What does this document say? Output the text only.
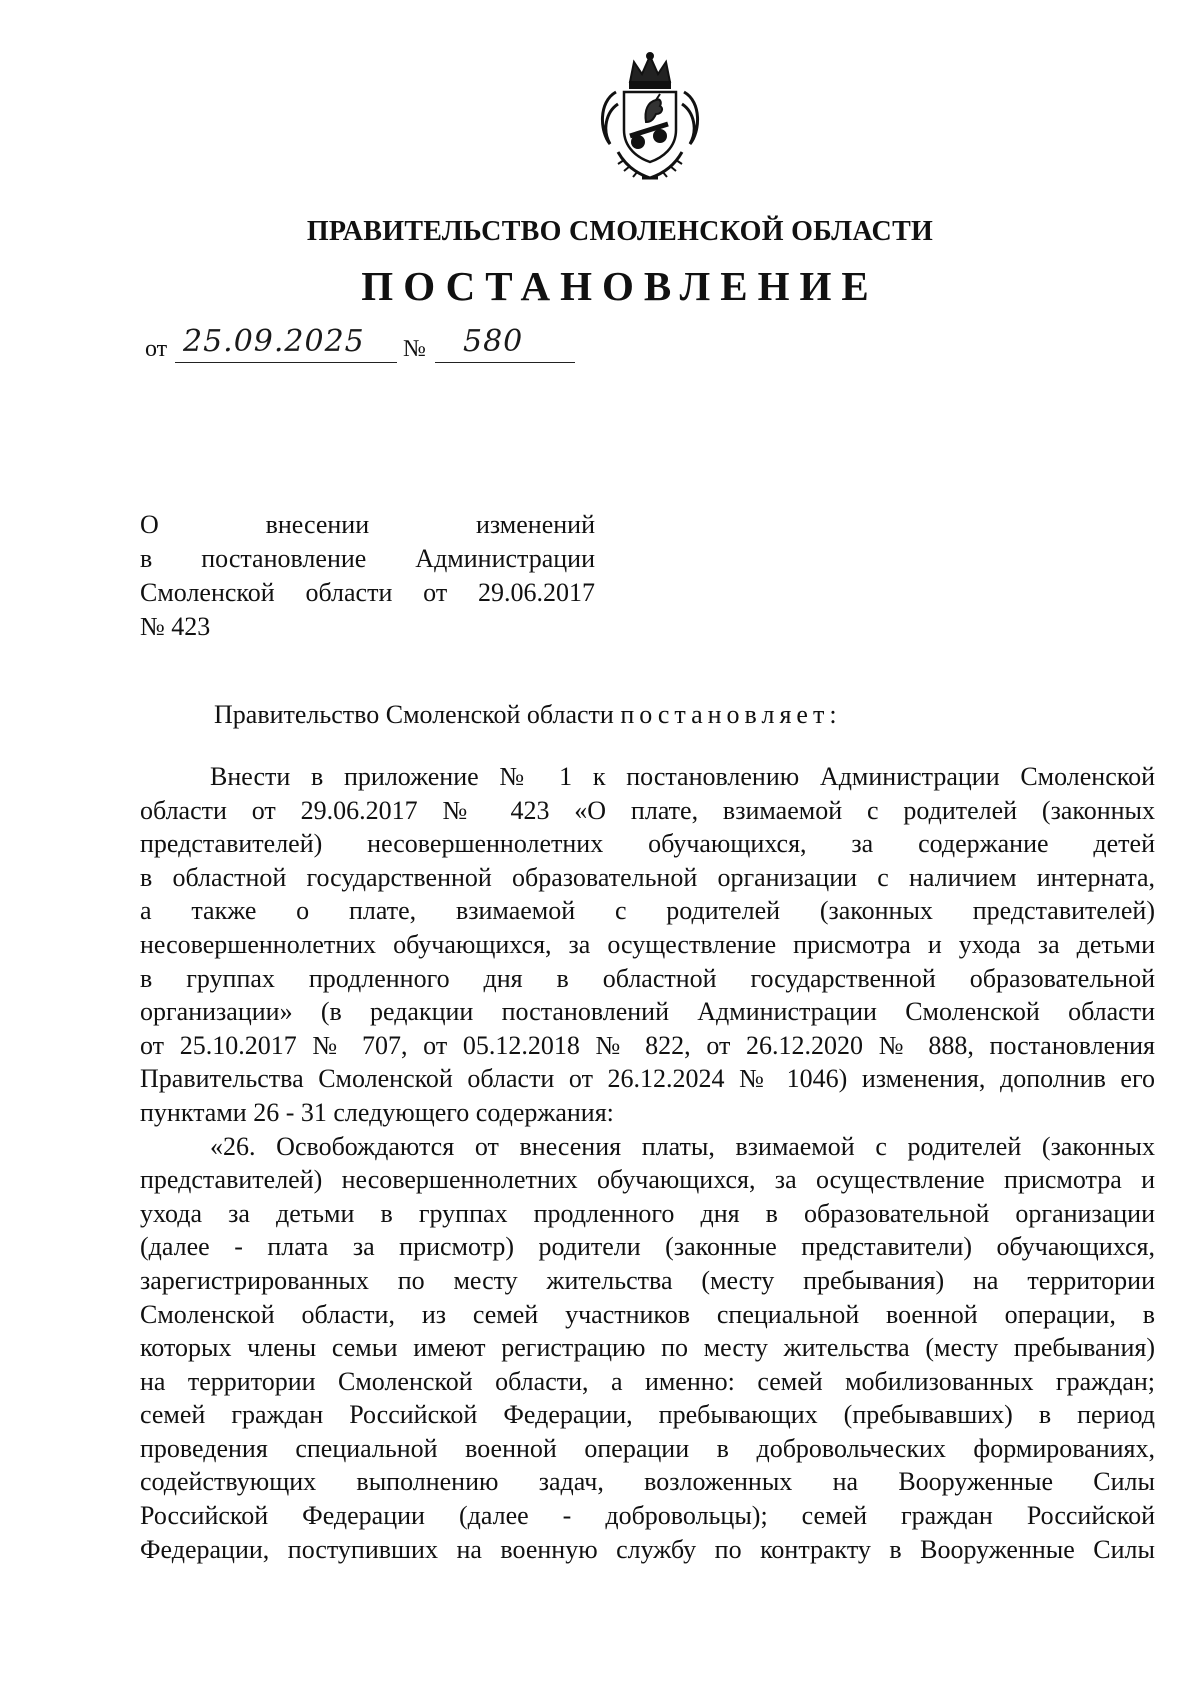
ПРАВИТЕЛЬСТВО СМОЛЕНСКОЙ ОБЛАСТИ
ПОСТАНОВЛЕНИЕ
от 25.09.2025 № 580
О внесении изменений
в постановление Администрации
Смоленской области от 29.06.2017
№ 423
Правительство Смоленской области постановляет:
Внести в приложение № 1 к постановлению Администрации Смоленской
области от 29.06.2017 № 423 «О плате, взимаемой с родителей (законных
представителей) несовершеннолетних обучающихся, за содержание детей
в областной государственной образовательной организации с наличием интерната,
а также о плате, взимаемой с родителей (законных представителей)
несовершеннолетних обучающихся, за осуществление присмотра и ухода за детьми
в группах продленного дня в областной государственной образовательной
организации» (в редакции постановлений Администрации Смоленской области
от 25.10.2017 № 707, от 05.12.2018 № 822, от 26.12.2020 № 888, постановления
Правительства Смоленской области от 26.12.2024 № 1046) изменения, дополнив его
пунктами 26 - 31 следующего содержания:
«26. Освобождаются от внесения платы, взимаемой с родителей (законных
представителей) несовершеннолетних обучающихся, за осуществление присмотра и
ухода за детьми в группах продленного дня в образовательной организации
(далее - плата за присмотр) родители (законные представители) обучающихся,
зарегистрированных по месту жительства (месту пребывания) на территории
Смоленской области, из семей участников специальной военной операции, в
которых члены семьи имеют регистрацию по месту жительства (месту пребывания)
на территории Смоленской области, а именно: семей мобилизованных граждан;
семей граждан Российской Федерации, пребывающих (пребывавших) в период
проведения специальной военной операции в добровольческих формированиях,
содействующих выполнению задач, возложенных на Вооруженные Силы
Российской Федерации (далее - добровольцы); семей граждан Российской
Федерации, поступивших на военную службу по контракту в Вооруженные Силы
